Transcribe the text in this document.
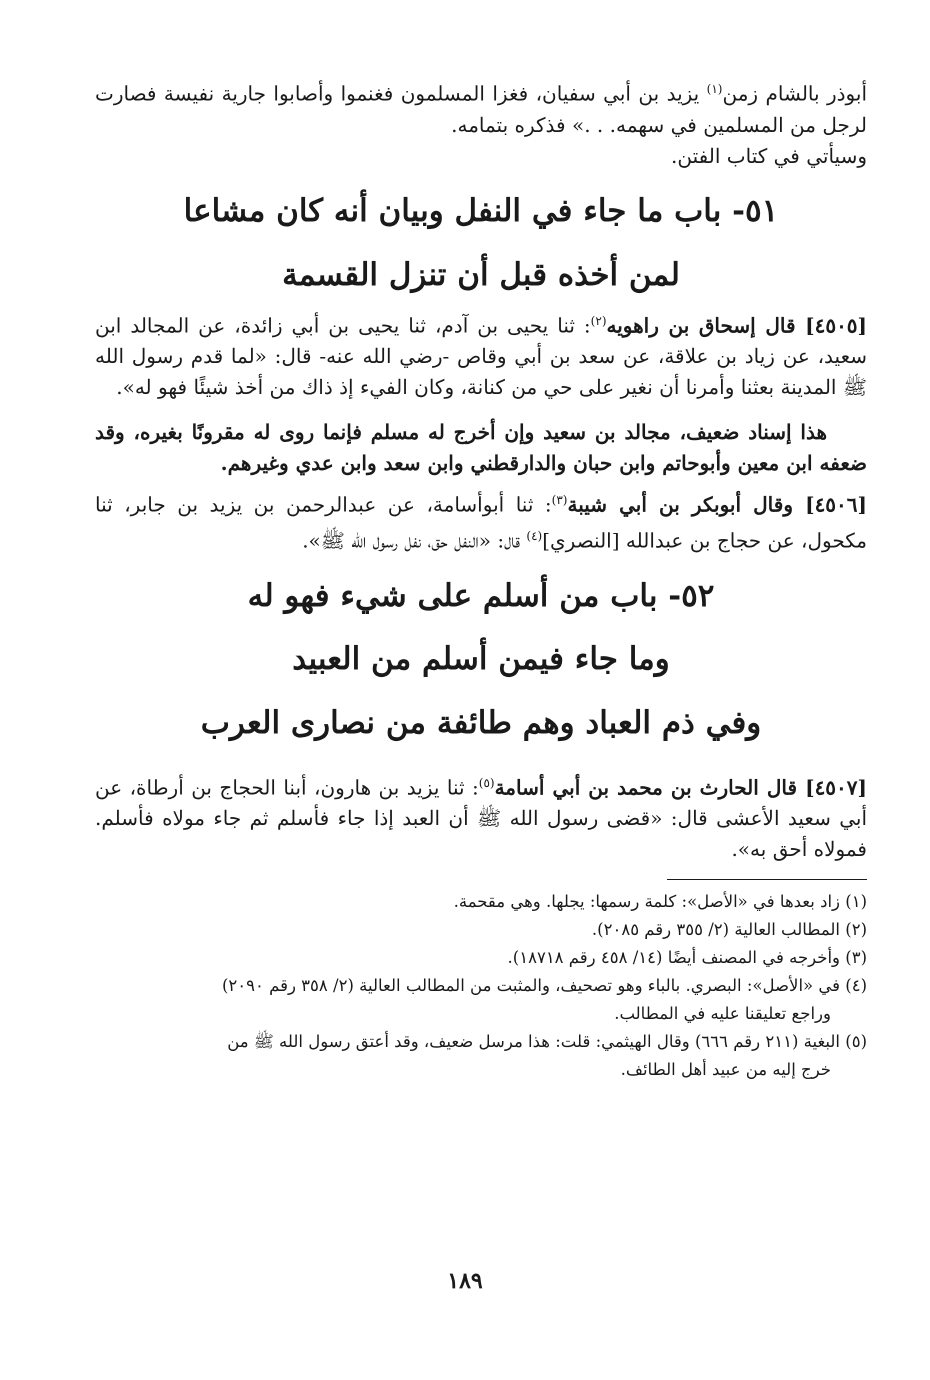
أبوذر بالشام زمن$^{(١)}$ يزيد بن أبي سفيان، فغزا المسلمون فغنموا وأصابوا جارية نفيسة فصارت لرجل من المسلمين في سهمه. . .» فذكره بتمامه.

وسيأتي في كتاب الفتن.

٥١- باب ما جاء في النفل وبيان أنه كان مشاعا
لمن أخذه قبل أن تنزل القسمة

[٤٥٠٥] قال إسحاق بن راهويه$^{(٢)}$: ثنا يحيى بن آدم، ثنا يحيى بن أبي زائدة، عن المجالد ابن سعيد، عن زياد بن علاقة، عن سعد بن أبي وقاص -رضي الله عنه- قال: «لما قدم رسول الله ﷺ المدينة بعثنا وأمرنا أن نغير على حي من كنانة، وكان الفيء إذ ذاك من أخذ شيئًا فهو له».

هذا إسناد ضعيف، مجالد بن سعيد وإن أخرج له مسلم فإنما روى له مقرونًا بغيره، وقد ضعفه ابن معين وأبوحاتم وابن حبان والدارقطني وابن سعد وابن عدي وغيرهم.

[٤٥٠٦] وقال أبوبكر بن أبي شيبة$^{(٣)}$: ثنا أبوأسامة، عن عبدالرحمن بن يزيد بن جابر، ثنا مكحول، عن حجاج بن عبدالله [النصري]$^{(٤)}$ قال: «النفل حق، نفل رسول الله ﷺ».

٥٢- باب من أسلم على شيء فهو له
وما جاء فيمن أسلم من العبيد
وفي ذم العباد وهم طائفة من نصارى العرب

[٤٥٠٧] قال الحارث بن محمد بن أبي أسامة$^{(٥)}$: ثنا يزيد بن هارون، أبنا الحجاج بن أرطاة، عن أبي سعيد الأعشى قال: «قضى رسول الله ﷺ أن العبد إذا جاء فأسلم ثم جاء مولاه فأسلم. فمولاه أحق به».

(١) زاد بعدها في «الأصل»: كلمة رسمها: يجلها. وهي مقحمة.
(٢) المطالب العالية (٢/ ٣٥٥ رقم ٢٠٨٥).
(٣) وأخرجه في المصنف أيضًا (١٤/ ٤٥٨ رقم ١٨٧١٨).
(٤) في «الأصل»: البصري. بالباء وهو تصحيف، والمثبت من المطالب العالية (٢/ ٣٥٨ رقم ٢٠٩٠)
وراجع تعليقنا عليه في المطالب.
(٥) البغية (٢١١ رقم ٦٦٦) وقال الهيثمي: قلت: هذا مرسل ضعيف، وقد أعتق رسول الله ﷺ من
خرج إليه من عبيد أهل الطائف.
١٨٩
